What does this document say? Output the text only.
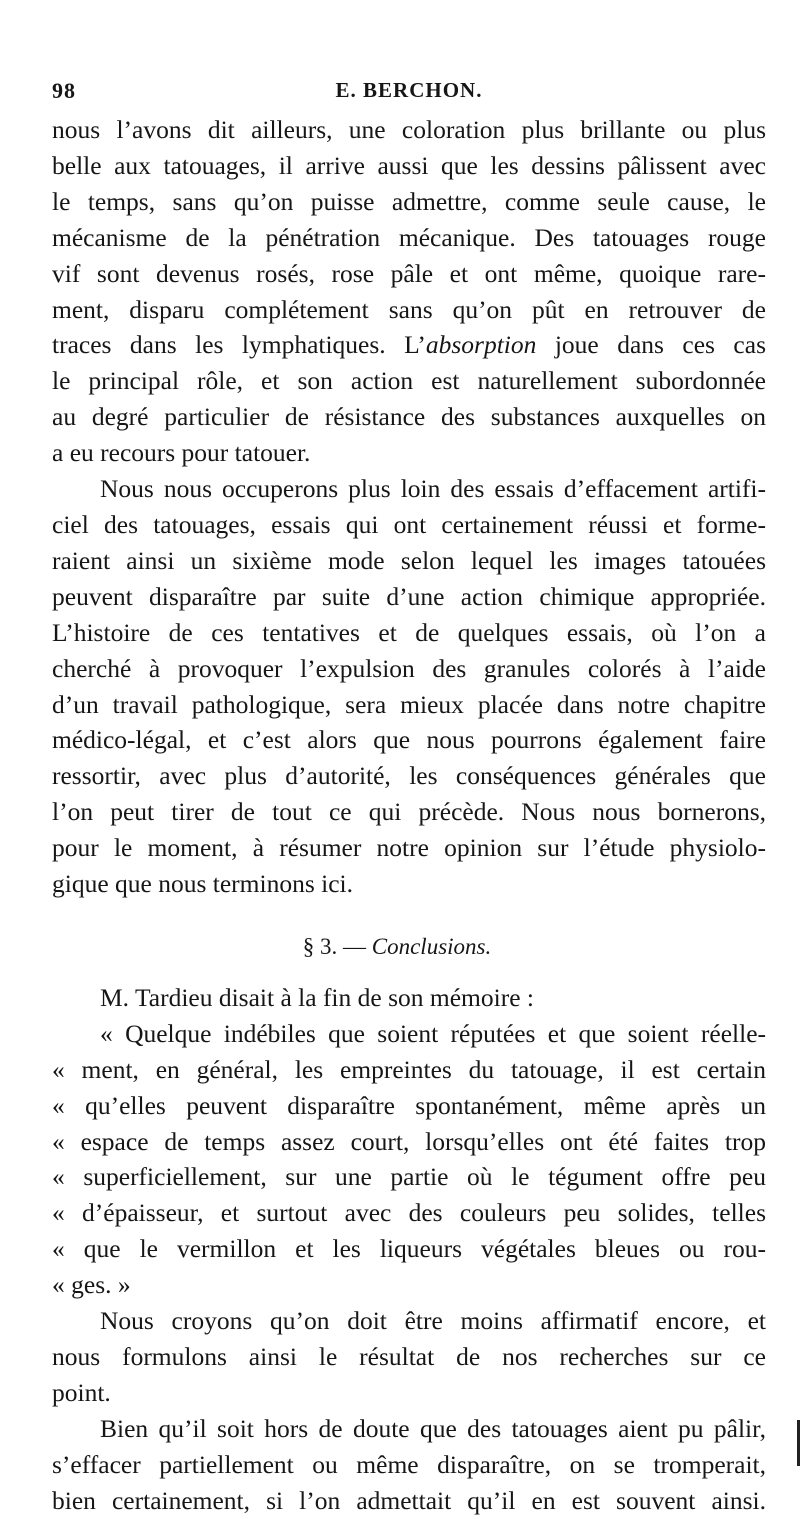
98	E. BERCHON.
nous l’avons dit ailleurs, une coloration plus brillante ou plus
belle aux tatouages, il arrive aussi que les dessins pâlissent avec
le temps, sans qu’on puisse admettre, comme seule cause, le
mécanisme de la pénétration mécanique. Des tatouages rouge
vif sont devenus rosés, rose pâle et ont même, quoique rare-
ment, disparu complétement sans qu’on pût en retrouver de
traces dans les lymphatiques. L’absorption joue dans ces cas
le principal rôle, et son action est naturellement subordonnée
au degré particulier de résistance des substances auxquelles on
a eu recours pour tatouer.
Nous nous occuperons plus loin des essais d’effacement artifi-
ciel des tatouages, essais qui ont certainement réussi et forme-
raient ainsi un sixième mode selon lequel les images tatouées
peuvent disparaître par suite d’une action chimique appropriée.
L’histoire de ces tentatives et de quelques essais, où l’on a
cherché à provoquer l’expulsion des granules colorés à l’aide
d’un travail pathologique, sera mieux placée dans notre chapitre
médico-légal, et c’est alors que nous pourrons également faire
ressortir, avec plus d’autorité, les conséquences générales que
l’on peut tirer de tout ce qui précède. Nous nous bornerons,
pour le moment, à résumer notre opinion sur l’étude physiolo-
gique que nous terminons ici.
§ 3. — Conclusions.
M. Tardieu disait à la fin de son mémoire :
« Quelque indébiles que soient réputées et que soient réelle-
« ment, en général, les empreintes du tatouage, il est certain
« qu’elles peuvent disparaître spontanément, même après un
« espace de temps assez court, lorsqu’elles ont été faites trop
« superficiellement, sur une partie où le tégument offre peu
« d’épaisseur, et surtout avec des couleurs peu solides, telles
« que le vermillon et les liqueurs végétales bleues ou rou-
« ges. »
Nous croyons qu’on doit être moins affirmatif encore, et
nous formulons ainsi le résultat de nos recherches sur ce
point.
Bien qu’il soit hors de doute que des tatouages aient pu pâlir,
s’effacer partiellement ou même disparaître, on se tromperait,
bien certainement, si l’on admettait qu’il en est souvent ainsi.
